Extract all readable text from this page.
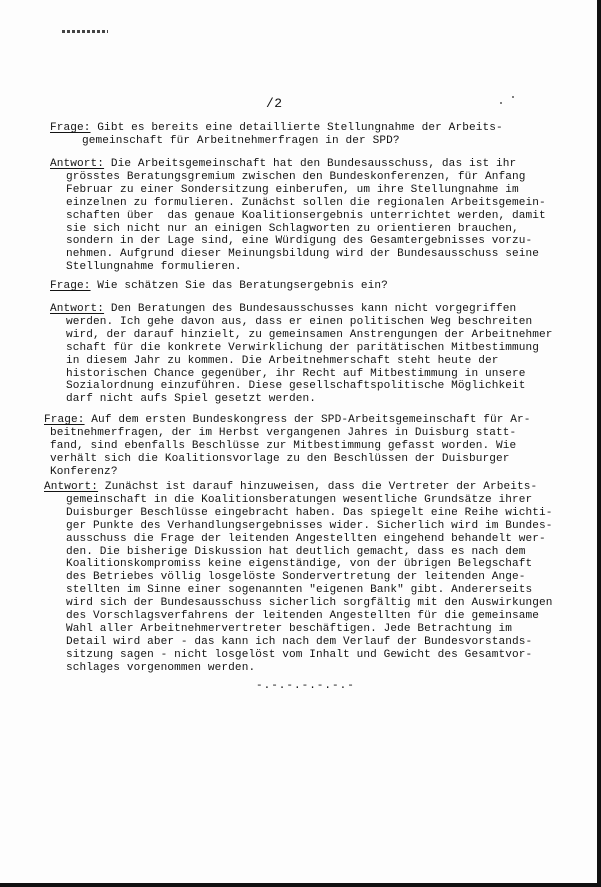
/2
Frage: Gibt es bereits eine detaillierte Stellungnahme der Arbeits-
gemeinschaft für Arbeitnehmerfragen in der SPD?
Antwort: Die Arbeitsgemeinschaft hat den Bundesausschuss, das ist ihr
grösstes Beratungsgremium zwischen den Bundeskonferenzen, für Anfang
Februar zu einer Sondersitzung einberufen, um ihre Stellungnahme im
einzelnen zu formulieren. Zunächst sollen die regionalen Arbeitsgemein-
schaften über  das genaue Koalitionsergebnis unterrichtet werden, damit
sie sich nicht nur an einigen Schlagworten zu orientieren brauchen,
sondern in der Lage sind, eine Würdigung des Gesamtergebnisses vorzu-
nehmen. Aufgrund dieser Meinungsbildung wird der Bundesausschuss seine
Stellungnahme formulieren.
Frage: Wie schätzen Sie das Beratungsergebnis ein?
Antwort: Den Beratungen des Bundesausschusses kann nicht vorgegriffen
werden. Ich gehe davon aus, dass er einen politischen Weg beschreiten
wird, der darauf hinzielt, zu gemeinsamen Anstrengungen der Arbeitnehmer
schaft für die konkrete Verwirklichung der paritätischen Mitbestimmung
in diesem Jahr zu kommen. Die Arbeitnehmerschaft steht heute der
historischen Chance gegenüber, ihr Recht auf Mitbestimmung in unsere
Sozialordnung einzuführen. Diese gesellschaftspolitische Möglichkeit
darf nicht aufs Spiel gesetzt werden.
Frage: Auf dem ersten Bundeskongress der SPD-Arbeitsgemeinschaft für Ar-
beitnehmerfragen, der im Herbst vergangenen Jahres in Duisburg statt-
fand, sind ebenfalls Beschlüsse zur Mitbestimmung gefasst worden. Wie
verhält sich die Koalitionsvorlage zu den Beschlüssen der Duisburger
Konferenz?
Antwort: Zunächst ist darauf hinzuweisen, dass die Vertreter der Arbeits-
gemeinschaft in die Koalitionsberatungen wesentliche Grundsätze ihrer
Duisburger Beschlüsse eingebracht haben. Das spiegelt eine Reihe wichti-
ger Punkte des Verhandlungsergebnisses wider. Sicherlich wird im Bundes-
ausschuss die Frage der leitenden Angestellten eingehend behandelt wer-
den. Die bisherige Diskussion hat deutlich gemacht, dass es nach dem
Koalitionskompromiss keine eigenständige, von der übrigen Belegschaft
des Betriebes völlig losgelöste Sondervertretung der leitenden Ange-
stellten im Sinne einer sogenannten "eigenen Bank" gibt. Andererseits
wird sich der Bundesausschuss sicherlich sorgfältig mit den Auswirkungen
des Vorschlagsverfahrens der leitenden Angestellten für die gemeinsame
Wahl aller Arbeitnehmervertreter beschäftigen. Jede Betrachtung im
Detail wird aber - das kann ich nach dem Verlauf der Bundesvorstands-
sitzung sagen - nicht losgelöst vom Inhalt und Gewicht des Gesamtvor-
schlages vorgenommen werden.
-.-.-.-.-.-.-
